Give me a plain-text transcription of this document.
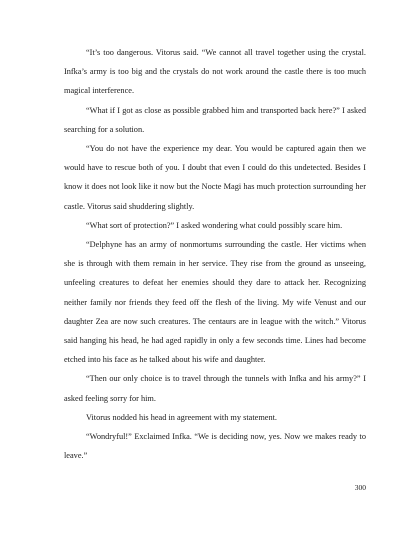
“It’s too dangerous. Vitorus said. “We cannot all travel together using the crystal. Infka’s army is too big and the crystals do not work around the castle there is too much magical interference.

“What if I got as close as possible grabbed him and transported back here?” I asked searching for a solution.

“You do not have the experience my dear. You would be captured again then we would have to rescue both of you. I doubt that even I could do this undetected. Besides I know it does not look like it now but the Nocte Magi has much protection surrounding her castle. Vitorus said shuddering slightly.

“What sort of protection?” I asked wondering what could possibly scare him.

“Delphyne has an army of nonmortums surrounding the castle. Her victims when she is through with them remain in her service. They rise from the ground as unseeing, unfeeling creatures to defeat her enemies should they dare to attack her. Recognizing neither family nor friends they feed off the flesh of the living. My wife Venust and our daughter Zea are now such creatures. The centaurs are in league with the witch.” Vitorus said hanging his head, he had aged rapidly in only a few seconds time. Lines had become etched into his face as he talked about his wife and daughter.

“Then our only choice is to travel through the tunnels with Infka and his army?” I asked feeling sorry for him.

Vitorus nodded his head in agreement with my statement.

“Wondryful!” Exclaimed Infka. “We is deciding now, yes. Now we makes ready to leave.”

300
